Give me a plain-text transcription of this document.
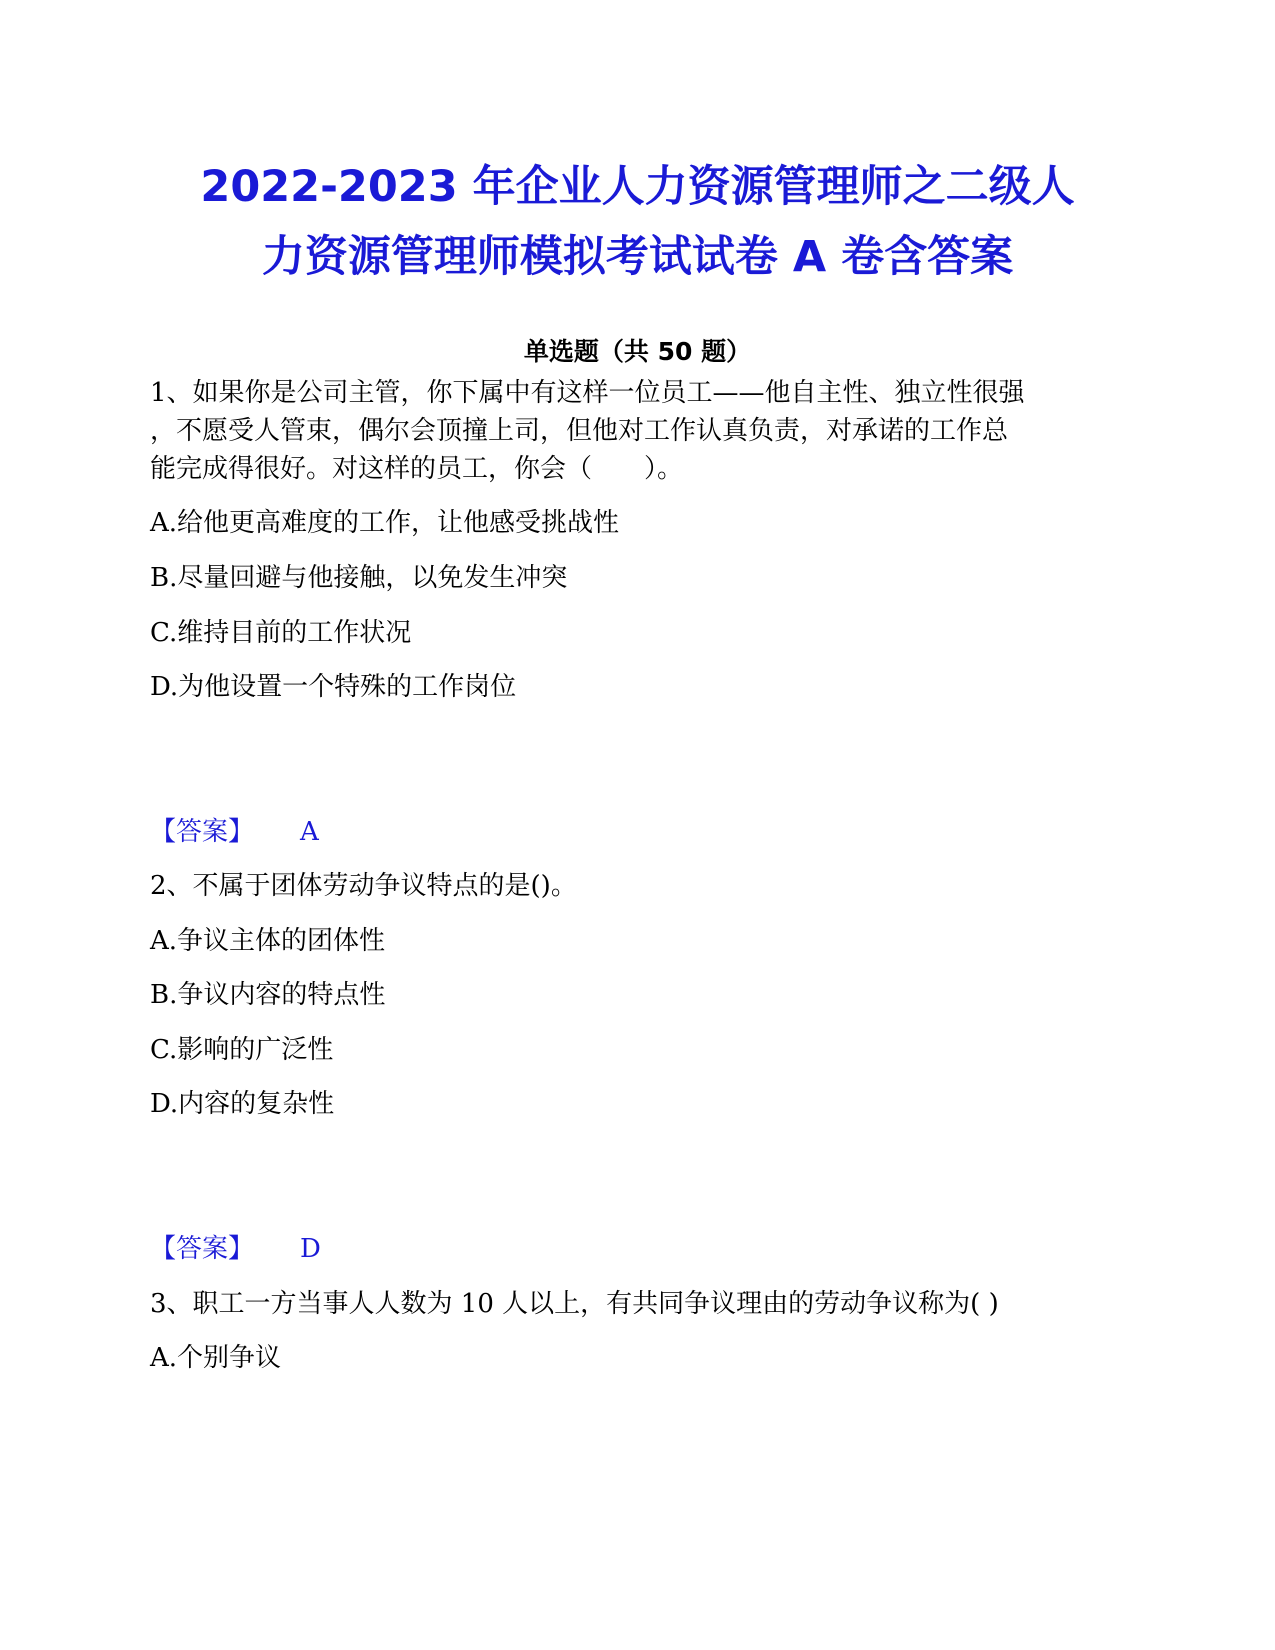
2022-2023 年企业人力资源管理师之二级人
力资源管理师模拟考试试卷 A 卷含答案
单选题（共 50 题）
1、如果你是公司主管，你下属中有这样一位员工——他自主性、独立性很强
，不愿受人管束，偶尔会顶撞上司，但他对工作认真负责，对承诺的工作总
能完成得很好。对这样的员工，你会（　　）。
A.给他更高难度的工作，让他感受挑战性
B.尽量回避与他接触，以免发生冲突
C.维持目前的工作状况
D.为他设置一个特殊的工作岗位
【答案】 A
2、不属于团体劳动争议特点的是()。
A.争议主体的团体性
B.争议内容的特点性
C.影响的广泛性
D.内容的复杂性
【答案】 D
3、职工一方当事人人数为 10 人以上，有共同争议理由的劳动争议称为( )
A.个别争议
